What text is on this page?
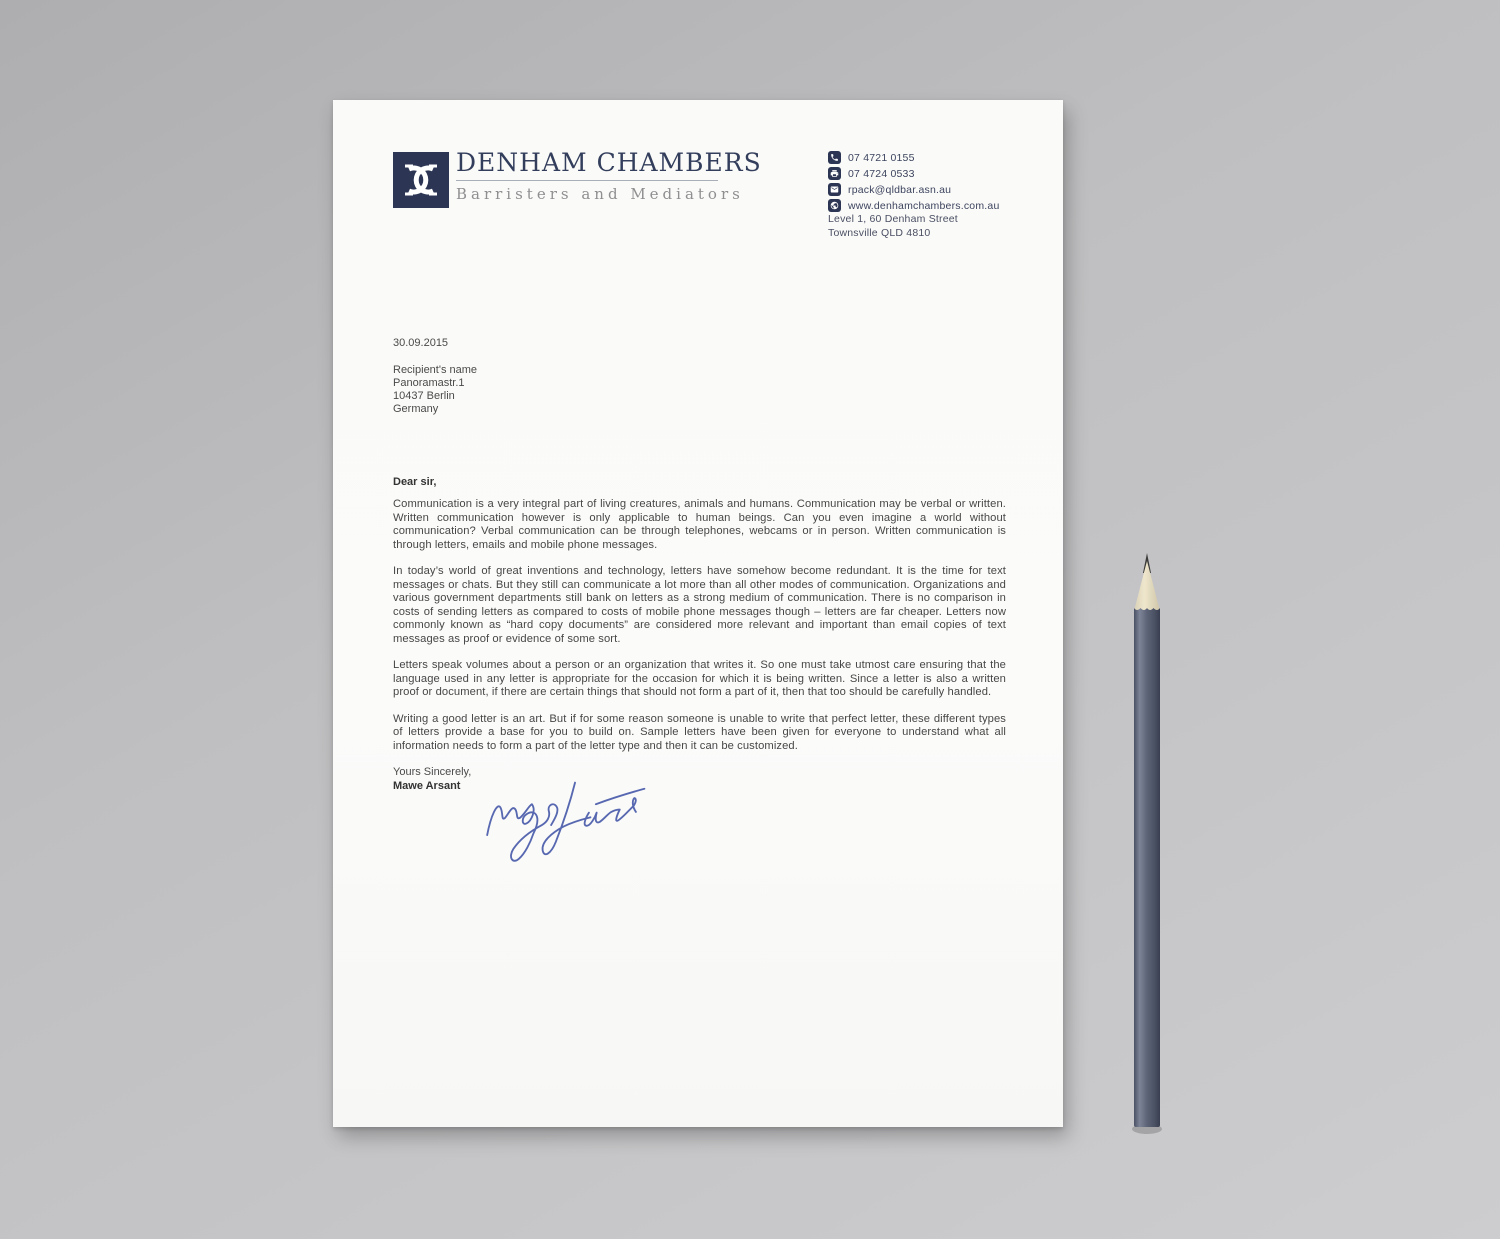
DENHAM CHAMBERS
Barristers and Mediators
07 4721 0155
07 4724 0533
rpack@qldbar.asn.au
www.denhamchambers.com.au
Level 1, 60 Denham Street
Townsville QLD 4810
30.09.2015
Recipient's name
Panoramastr.1
10437 Berlin
Germany
Dear sir,

Communication is a very integral part of living creatures, animals and humans. Communication may be verbal or written. Written communication however is only applicable to human beings. Can you even imagine a world without communication? Verbal communication can be through telephones, webcams or in person. Written communication is through letters, emails and mobile phone messages.

In today’s world of great inventions and technology, letters have somehow become redundant. It is the time for text messages or chats. But they still can communicate a lot more than all other modes of communication. Organizations and various government departments still bank on letters as a strong medium of communication. There is no comparison in costs of sending letters as compared to costs of mobile phone messages though – letters are far cheaper. Letters now commonly known as “hard copy documents” are considered more relevant and important than email copies of text messages as proof or evidence of some sort.

Letters speak volumes about a person or an organization that writes it. So one must take utmost care ensuring that the language used in any letter is appropriate for the occasion for which it is being written. Since a letter is also a written proof or document, if there are certain things that should not form a part of it, then that too should be carefully handled.

Writing a good letter is an art. But if for some reason someone is unable to write that perfect letter, these different types of letters provide a base for you to build on. Sample letters have been given for everyone to understand what all information needs to form a part of the letter type and then it can be customized.

Yours Sincerely,
Mawe Arsant
